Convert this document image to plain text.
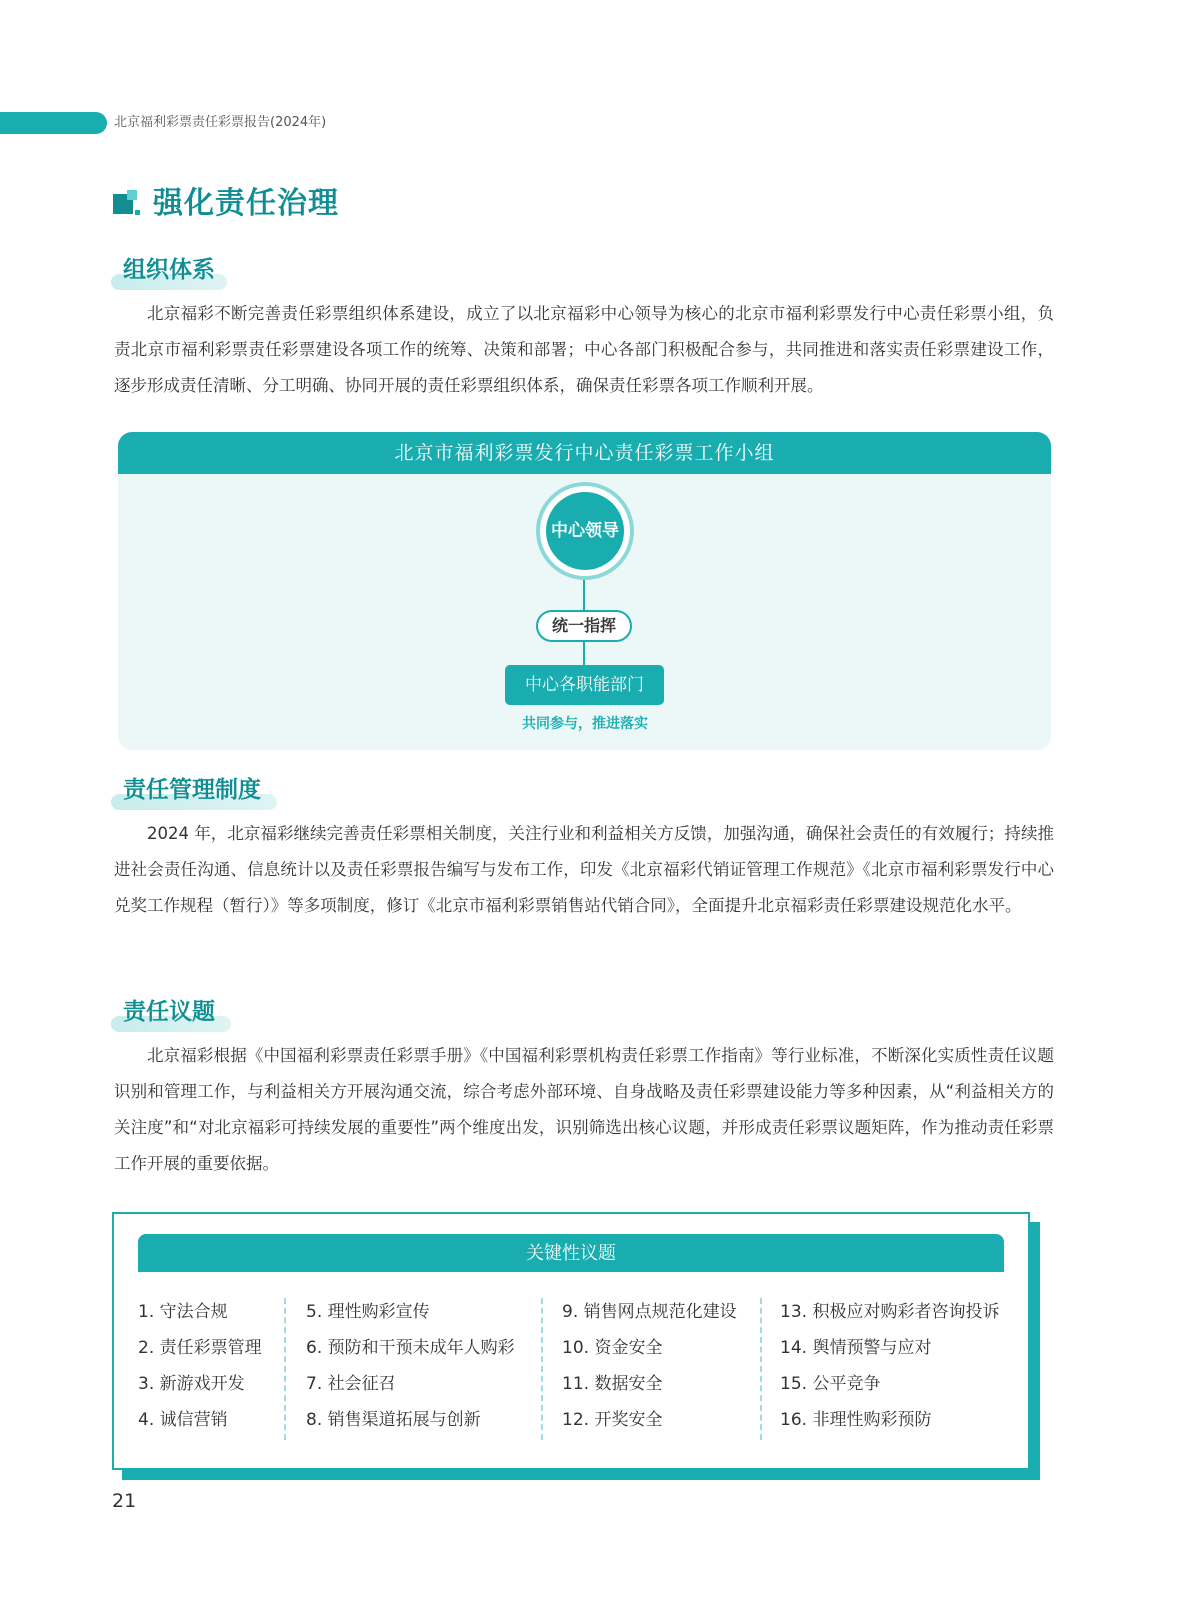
北京福利彩票责任彩票报告(2024年)
强化责任治理
组织体系

北京福彩不断完善责任彩票组织体系建设，成立了以北京福彩中心领导为核心的北京市福利彩票发行中心责任彩票小组，负责北京市福利彩票责任彩票建设各项工作的统筹、决策和部署；中心各部门积极配合参与，共同推进和落实责任彩票建设工作，逐步形成责任清晰、分工明确、协同开展的责任彩票组织体系，确保责任彩票各项工作顺利开展。

北京市福利彩票发行中心责任彩票工作小组
中心领导
统一指挥
中心各职能部门
共同参与，推进落实
责任管理制度

2024 年，北京福彩继续完善责任彩票相关制度，关注行业和利益相关方反馈，加强沟通，确保社会责任的有效履行；持续推进社会责任沟通、信息统计以及责任彩票报告编写与发布工作，印发《北京福彩代销证管理工作规范》《北京市福利彩票发行中心兑奖工作规程（暂行）》等多项制度，修订《北京市福利彩票销售站代销合同》，全面提升北京福彩责任彩票建设规范化水平。

责任议题

北京福彩根据《中国福利彩票责任彩票手册》《中国福利彩票机构责任彩票工作指南》等行业标准，不断深化实质性责任议题识别和管理工作，与利益相关方开展沟通交流，综合考虑外部环境、自身战略及责任彩票建设能力等多种因素，从“利益相关方的关注度”和“对北京福彩可持续发展的重要性”两个维度出发，识别筛选出核心议题，并形成责任彩票议题矩阵，作为推动责任彩票工作开展的重要依据。

关键性议题
1. 守法合规
2. 责任彩票管理
3. 新游戏开发
4. 诚信营销
5. 理性购彩宣传
6. 预防和干预未成年人购彩
7. 社会征召
8. 销售渠道拓展与创新
9. 销售网点规范化建设
10. 资金安全
11. 数据安全
12. 开奖安全
13. 积极应对购彩者咨询投诉
14. 舆情预警与应对
15. 公平竞争
16. 非理性购彩预防
21
